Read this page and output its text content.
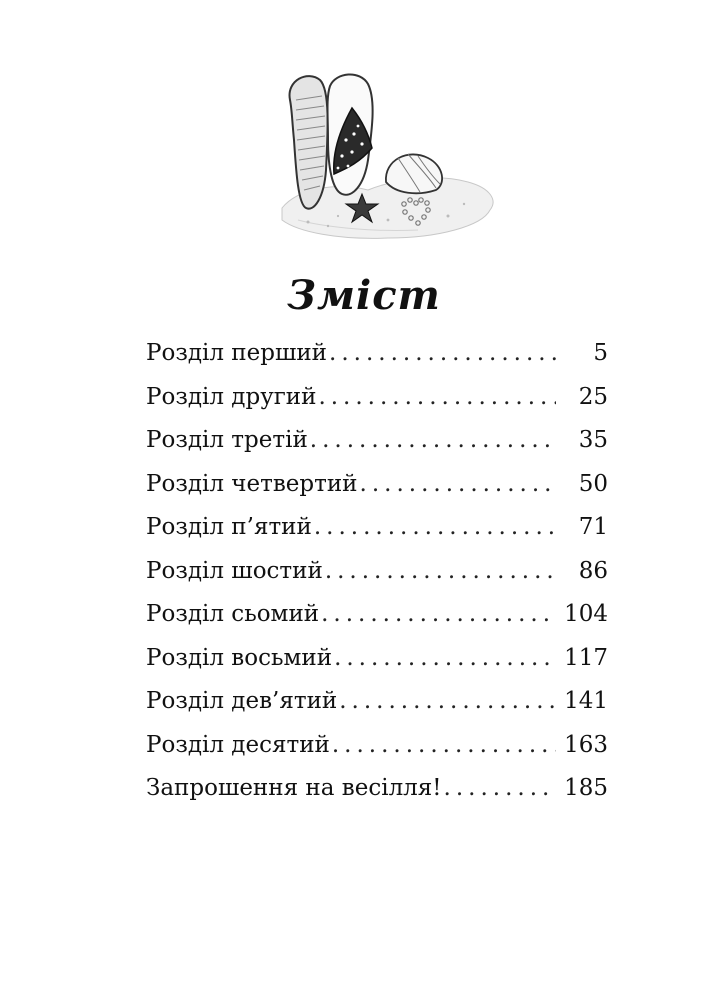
Зміст
Розділ перший .....	5
Розділ другий .....	25
Розділ третій .....	35
Розділ четвертий .....	50
Розділ п’ятий .....	71
Розділ шостий .....	86
Розділ сьомий .....	104
Розділ восьмий .....	117
Розділ дев’ятий .....	141
Розділ десятий .....	163
Запрошення на весілля! .....	185
